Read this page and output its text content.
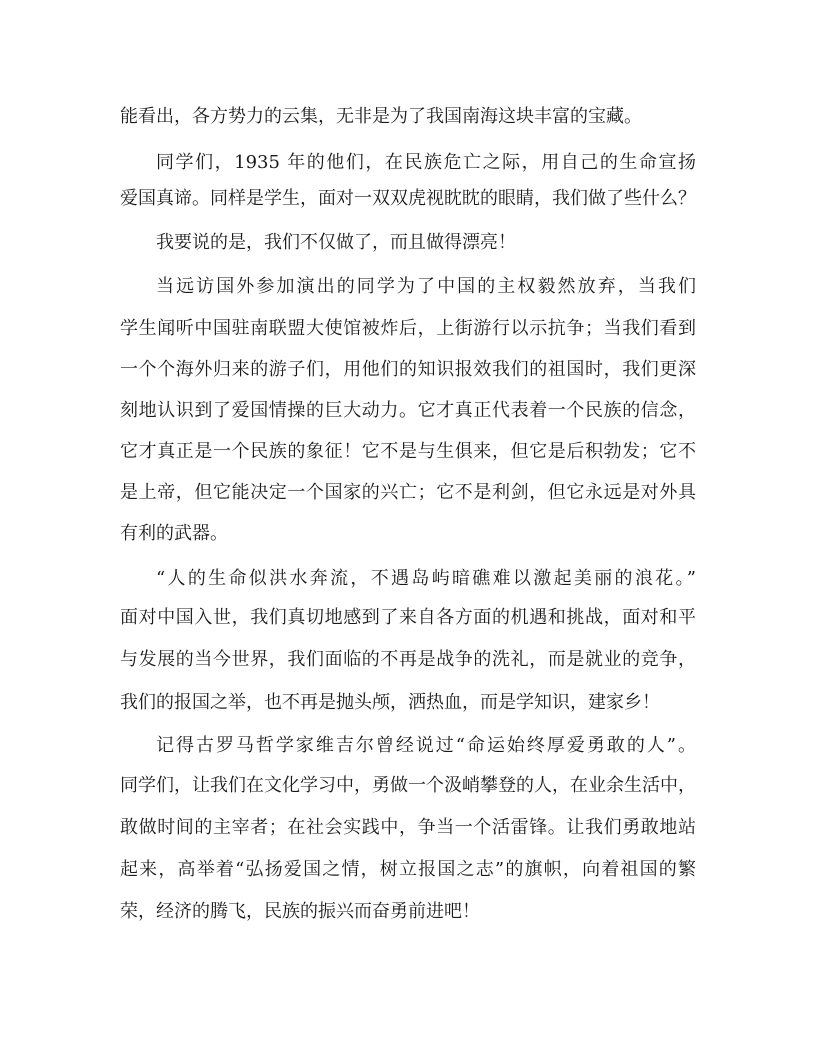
能看出，各方势力的云集，无非是为了我国南海这块丰富的宝藏。
同学们，1935 年的他们，在民族危亡之际，用自己的生命宣扬
爱国真谛。同样是学生，面对一双双虎视眈眈的眼睛，我们做了些什么？
我要说的是，我们不仅做了，而且做得漂亮！
当远访国外参加演出的同学为了中国的主权毅然放弃，当我们
学生闻听中国驻南联盟大使馆被炸后，上街游行以示抗争；当我们看到
一个个海外归来的游子们，用他们的知识报效我们的祖国时，我们更深
刻地认识到了爱国情操的巨大动力。它才真正代表着一个民族的信念，
它才真正是一个民族的象征！它不是与生俱来，但它是后积勃发；它不
是上帝，但它能决定一个国家的兴亡；它不是利剑，但它永远是对外具
有利的武器。
“人的生命似洪水奔流，不遇岛屿暗礁难以激起美丽的浪花。”
面对中国入世，我们真切地感到了来自各方面的机遇和挑战，面对和平
与发展的当今世界，我们面临的不再是战争的洗礼，而是就业的竞争，
我们的报国之举，也不再是抛头颅，洒热血，而是学知识，建家乡！
记得古罗马哲学家维吉尔曾经说过“命运始终厚爱勇敢的人”。
同学们，让我们在文化学习中，勇做一个汲峭攀登的人，在业余生活中，
敢做时间的主宰者；在社会实践中，争当一个活雷锋。让我们勇敢地站
起来，高举着“弘扬爱国之情，树立报国之志”的旗帜，向着祖国的繁
荣，经济的腾飞，民族的振兴而奋勇前进吧！
